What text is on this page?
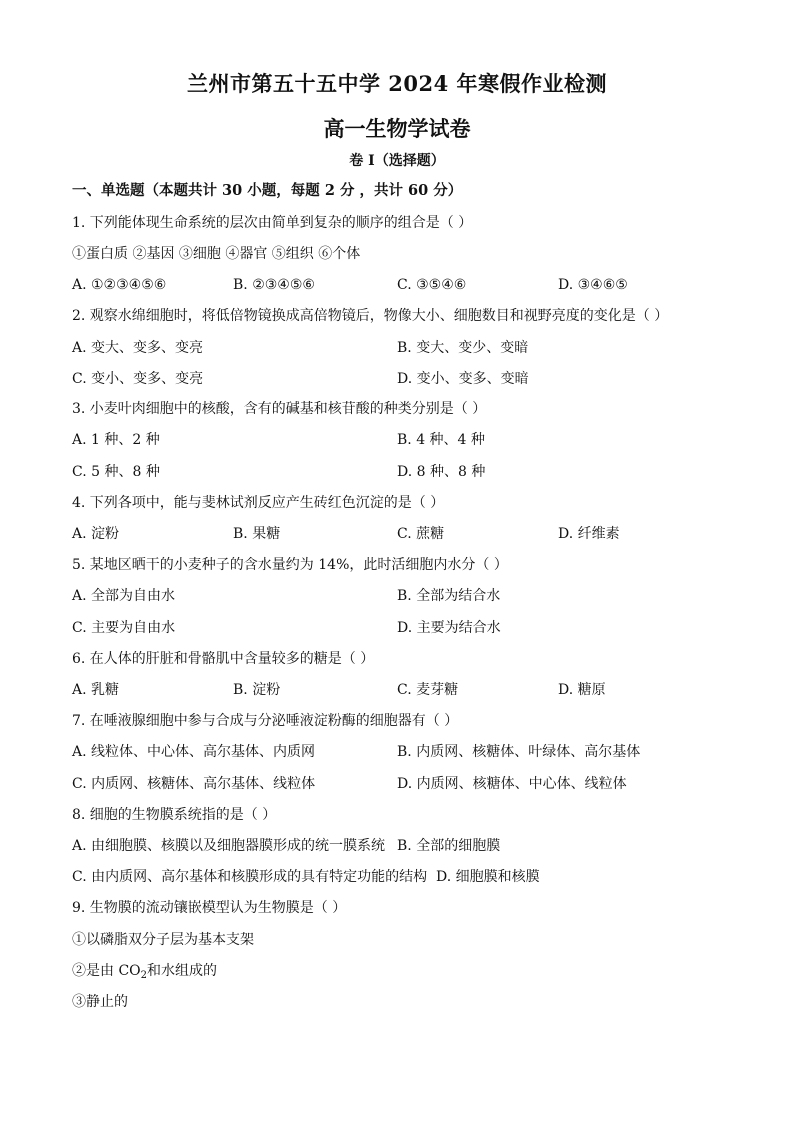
兰州市第五十五中学 2024 年寒假作业检测
高一生物学试卷
卷 I（选择题）
一、单选题（本题共计 30 小题，每题 2 分 ，共计 60 分）
1. 下列能体现生命系统的层次由简单到复杂的顺序的组合是（ ）
①蛋白质 ②基因 ③细胞 ④器官 ⑤组织 ⑥个体
A. ①②③④⑤⑥	B. ②③④⑤⑥	C. ③⑤④⑥	D. ③④⑥⑤
2. 观察水绵细胞时，将低倍物镜换成高倍物镜后，物像大小、细胞数目和视野亮度的变化是（ ）
A. 变大、变多、变亮	B. 变大、变少、变暗
C. 变小、变多、变亮	D. 变小、变多、变暗
3. 小麦叶肉细胞中的核酸，含有的碱基和核苷酸的种类分别是（ ）
A. 1 种、2 种	B. 4 种、4 种
C. 5 种、8 种	D. 8 种、8 种
4. 下列各项中，能与斐林试剂反应产生砖红色沉淀的是（ ）
A. 淀粉	B. 果糖	C. 蔗糖	D. 纤维素
5. 某地区晒干的小麦种子的含水量约为 14%，此时活细胞内水分（ ）
A. 全部为自由水	B. 全部为结合水
C. 主要为自由水	D. 主要为结合水
6. 在人体的肝脏和骨骼肌中含量较多的糖是（ ）
A. 乳糖	B. 淀粉	C. 麦芽糖	D. 糖原
7. 在唾液腺细胞中参与合成与分泌唾液淀粉酶的细胞器有（ ）
A. 线粒体、中心体、高尔基体、内质网	B. 内质网、核糖体、叶绿体、高尔基体
C. 内质网、核糖体、高尔基体、线粒体	D. 内质网、核糖体、中心体、线粒体
8. 细胞的生物膜系统指的是（ ）
A. 由细胞膜、核膜以及细胞器膜形成的统一膜系统 B. 全部的细胞膜
C. 由内质网、高尔基体和核膜形成的具有特定功能的结构 D. 细胞膜和核膜
9. 生物膜的流动镶嵌模型认为生物膜是（ ）
①以磷脂双分子层为基本支架
②是由 $CO_2$和水组成的
③静止的
